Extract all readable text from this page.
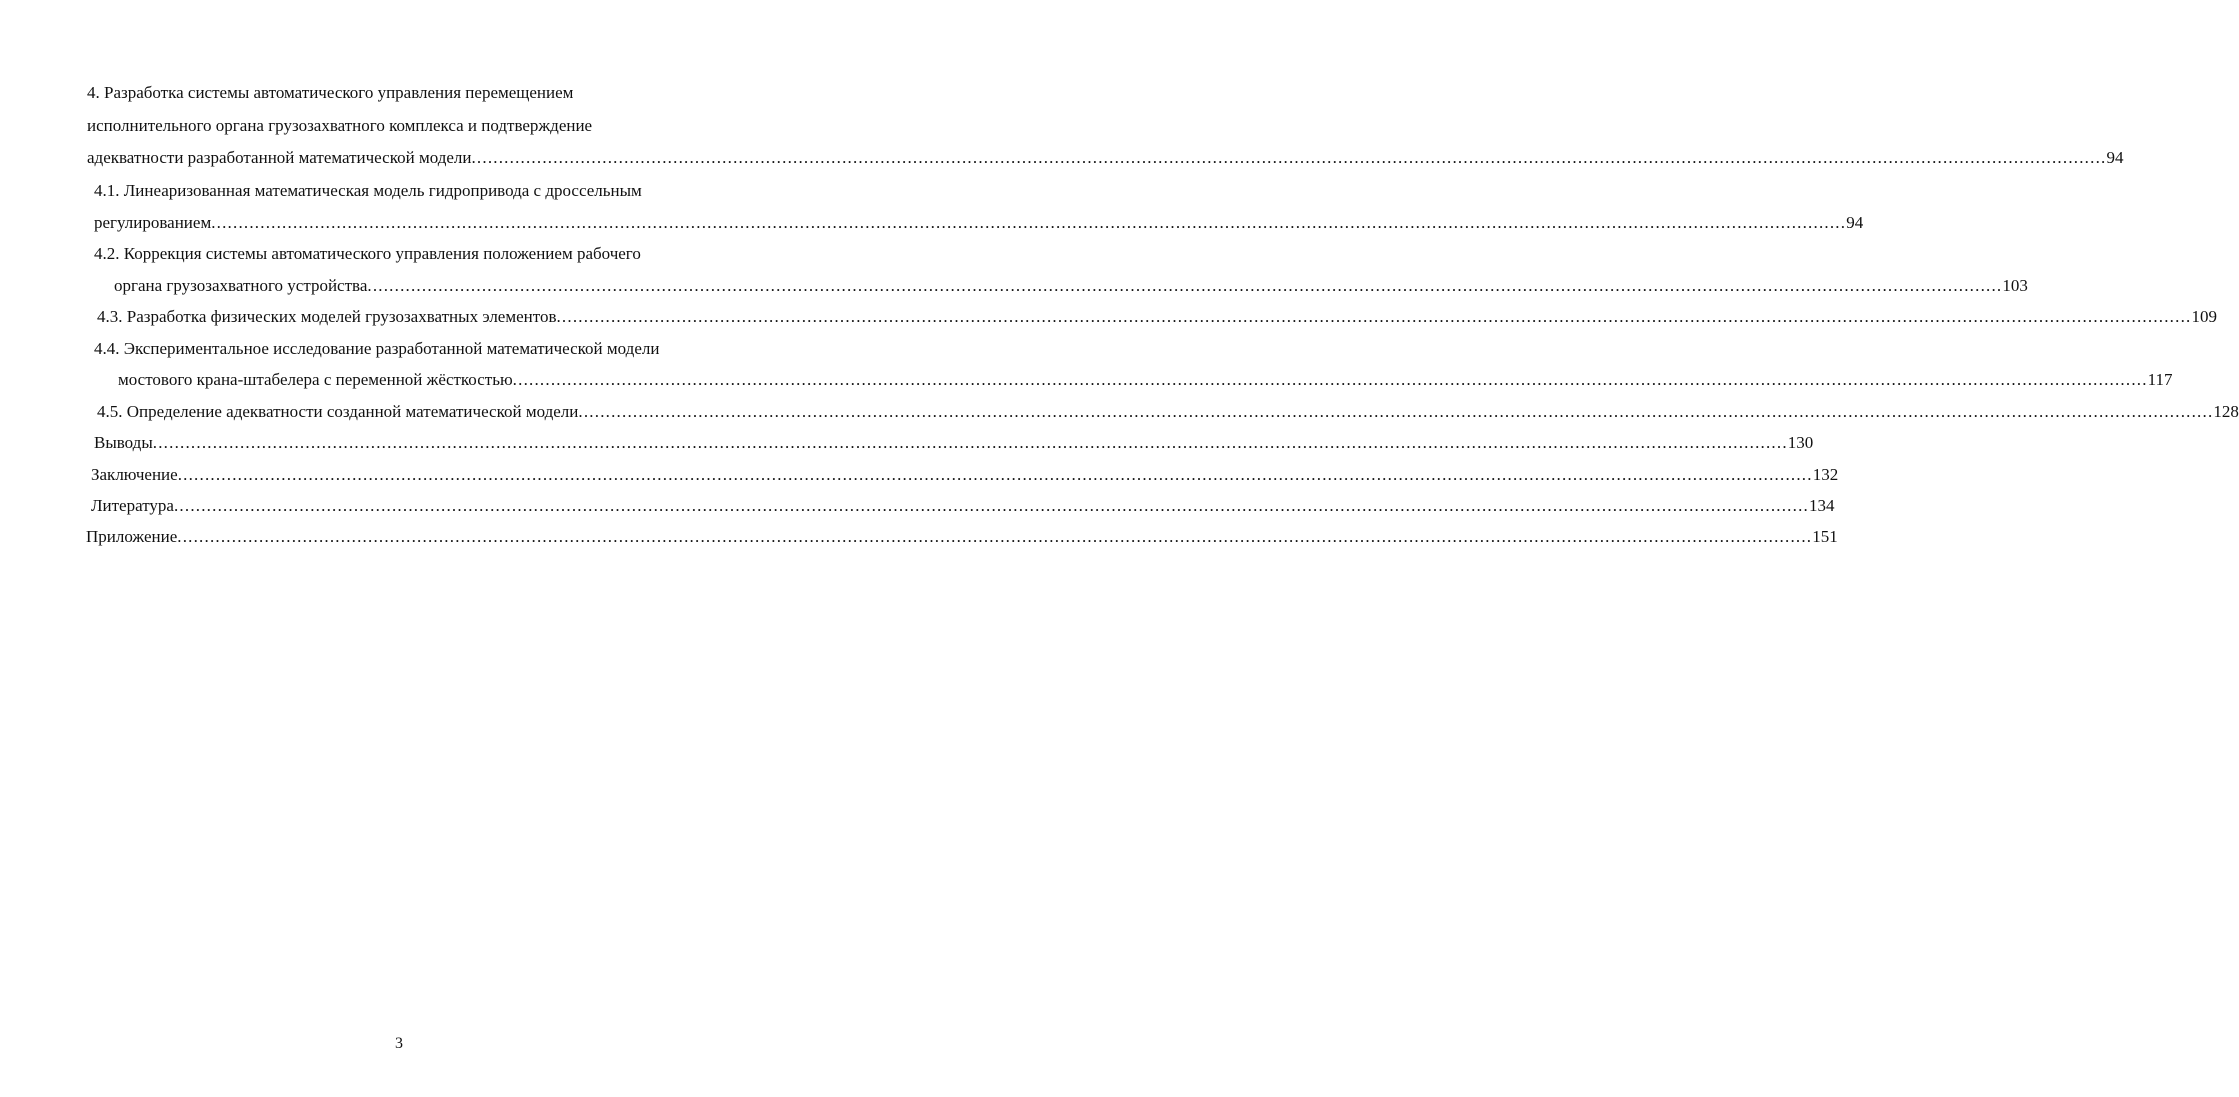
4. Разработка системы автоматического управления перемещением
исполнительного органа грузозахватного комплекса и подтверждение
адекватности разработанной математической модели ............................................................................................................................................................................................................................................................................................................ 94
4.1. Линеаризованная математическая модель гидропривода с дроссельным
регулированием ............................................................................................................................................................................................................................................................................................................ 94
4.2. Коррекция системы автоматического управления положением рабочего
органа грузозахватного устройства ............................................................................................................................................................................................................................................................................................................ 103
4.3. Разработка физических моделей грузозахватных элементов ............................................................................................................................................................................................................................................................................................................ 109
4.4. Экспериментальное исследование разработанной математической модели
мостового крана-штабелера с переменной жёсткостью ............................................................................................................................................................................................................................................................................................................ 117
4.5. Определение адекватности созданной математической модели ............................................................................................................................................................................................................................................................................................................ 128
Выводы ............................................................................................................................................................................................................................................................................................................ 130
Заключение ............................................................................................................................................................................................................................................................................................................ 132
Литература ............................................................................................................................................................................................................................................................................................................ 134
Приложение ............................................................................................................................................................................................................................................................................................................ 151
3
